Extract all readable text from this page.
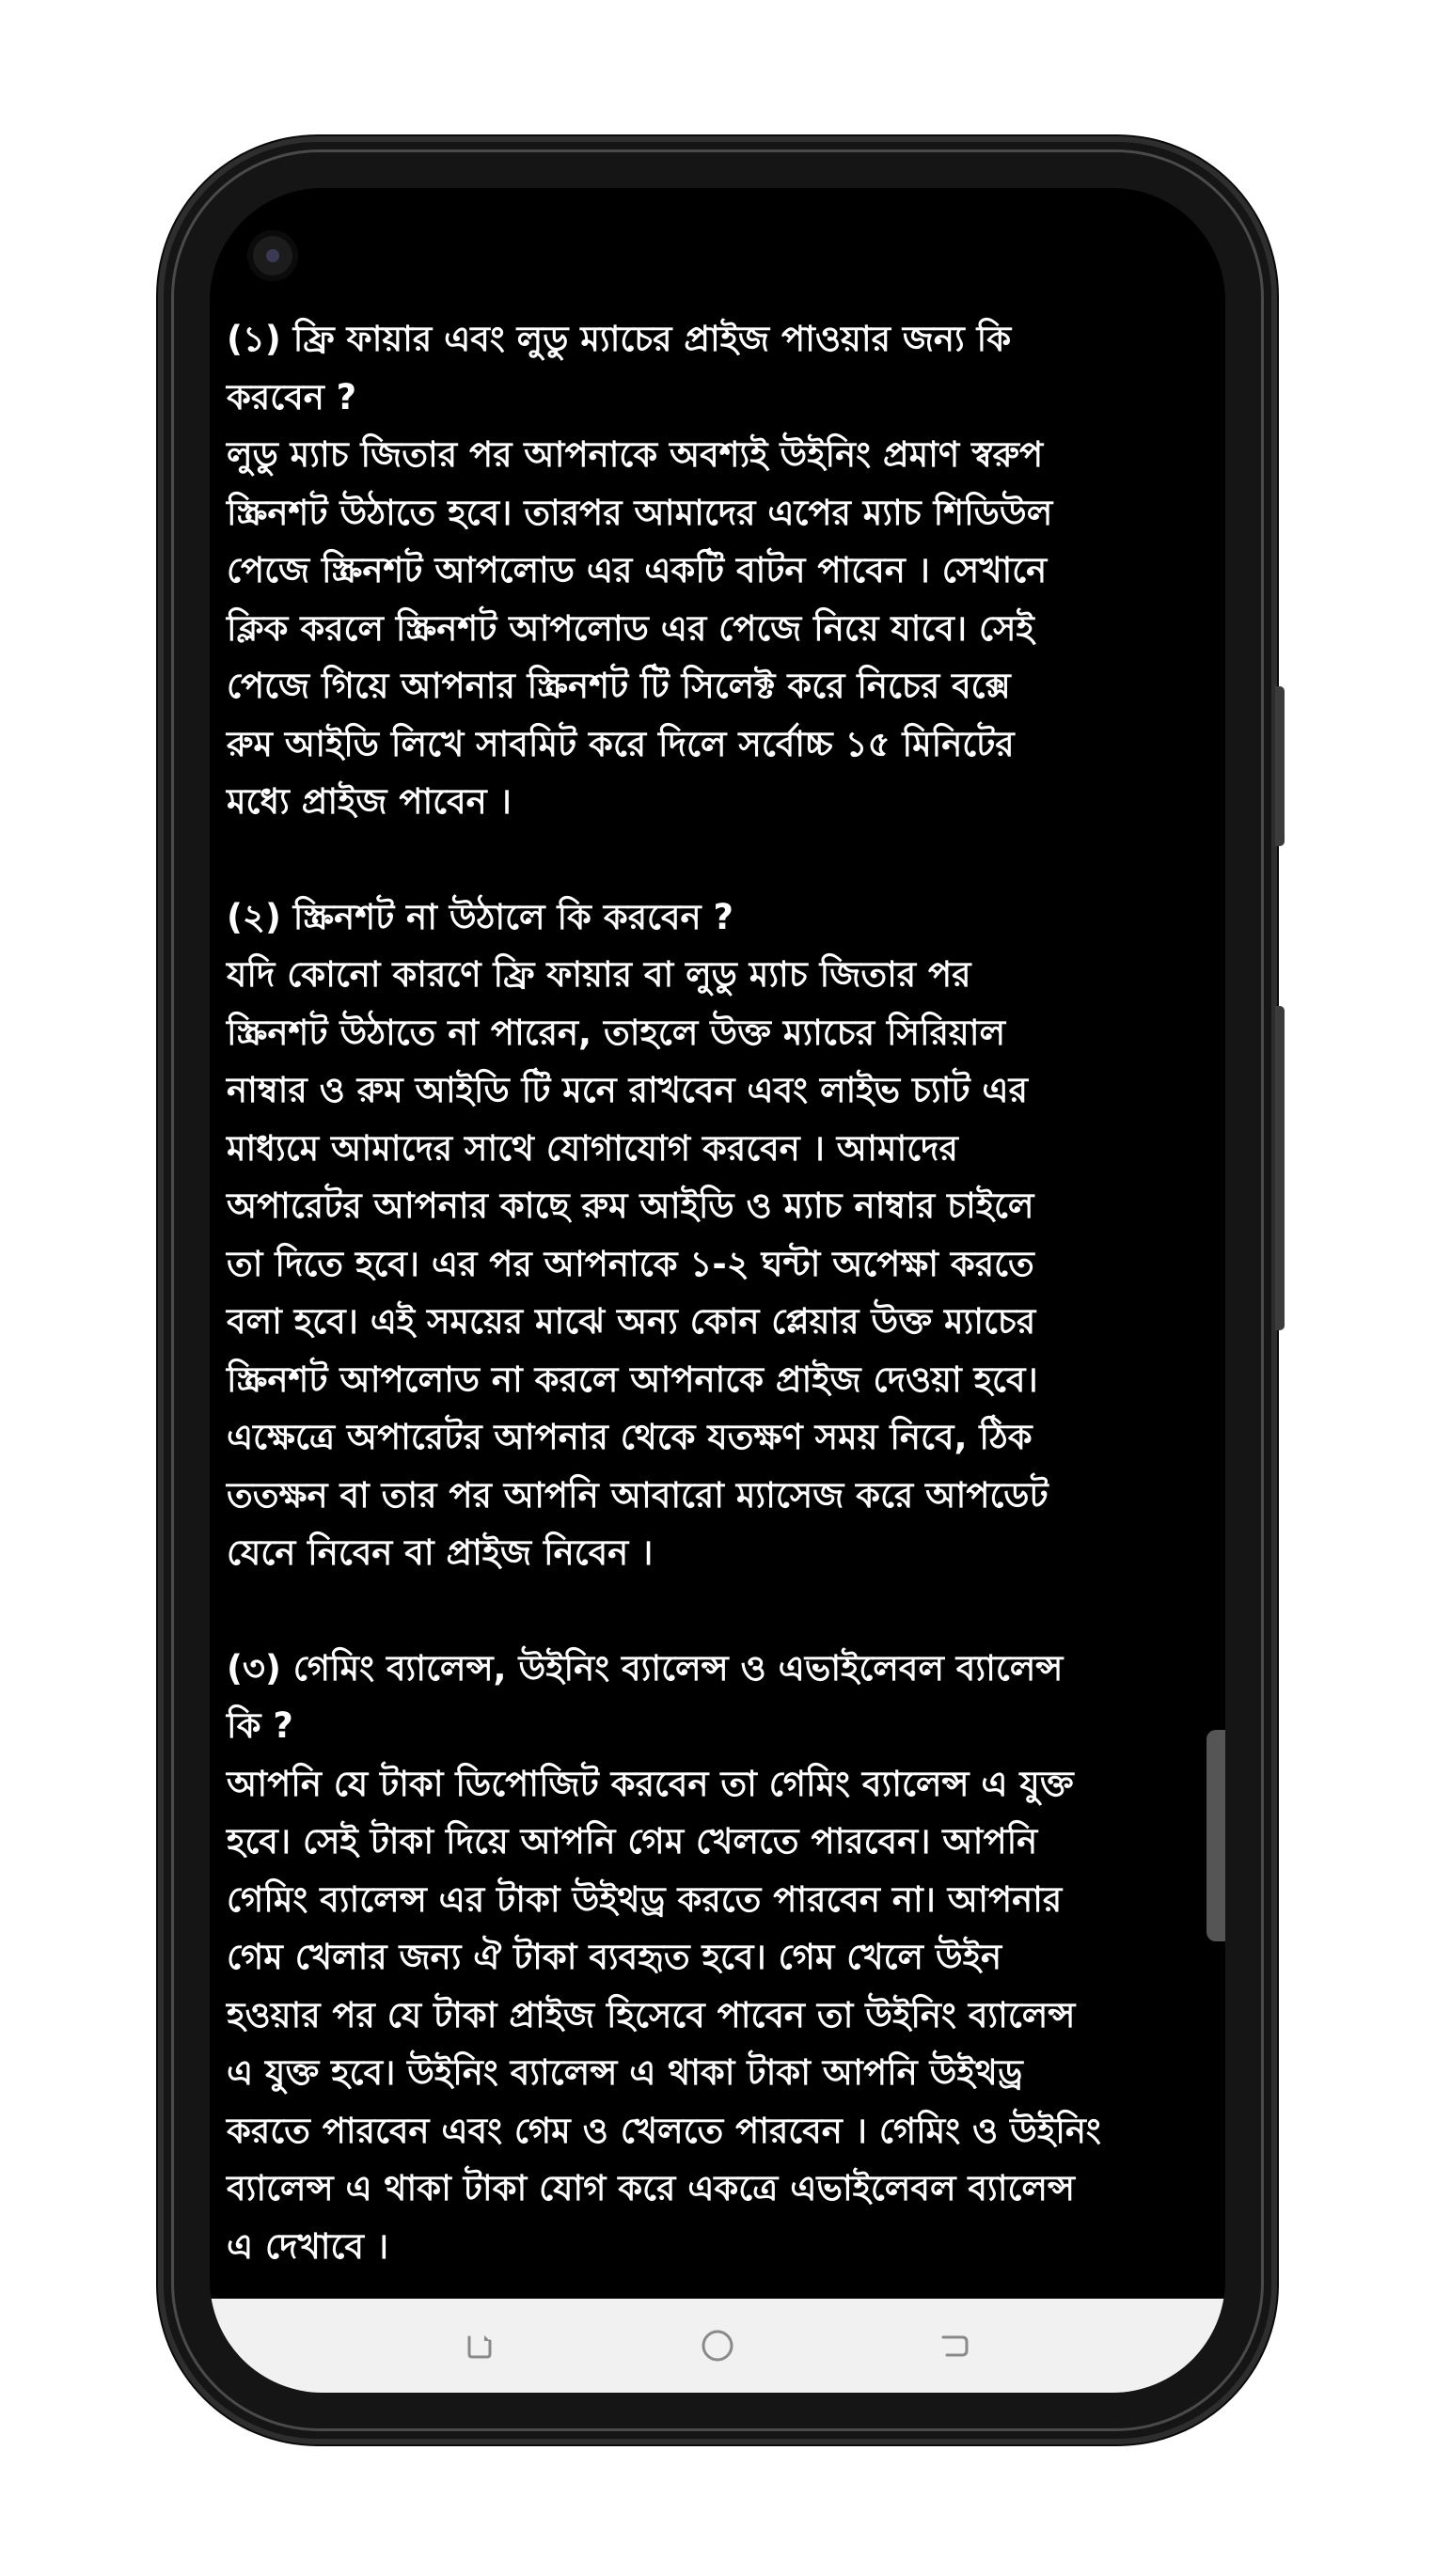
(১) ফ্রি ফায়ার এবং লুডু ম্যাচের প্রাইজ পাওয়ার জন্য কি
করবেন ?

লুডু ম্যাচ জিতার পর আপনাকে অবশ্যই উইনিং প্রমাণ স্বরুপ
স্ক্রিনশট উঠাতে হবে। তারপর আমাদের এপের ম্যাচ শিডিউল
পেজে স্ক্রিনশট আপলোড এর একটি বাটন পাবেন । সেখানে
ক্লিক করলে স্ক্রিনশট আপলোড এর পেজে নিয়ে যাবে। সেই
পেজে গিয়ে আপনার স্ক্রিনশট টি সিলেক্ট করে নিচের বক্সে
রুম আইডি লিখে সাবমিট করে দিলে সর্বোচ্চ ১৫ মিনিটের
মধ্যে প্রাইজ পাবেন ।

(২) স্ক্রিনশট না উঠালে কি করবেন ?

যদি কোনো কারণে ফ্রি ফায়ার বা লুডু ম্যাচ জিতার পর
স্ক্রিনশট উঠাতে না পারেন, তাহলে উক্ত ম্যাচের সিরিয়াল
নাম্বার ও রুম আইডি টি মনে রাখবেন এবং লাইভ চ্যাট এর
মাধ্যমে আমাদের সাথে যোগাযোগ করবেন । আমাদের
অপারেটর আপনার কাছে রুম আইডি ও ম্যাচ নাম্বার চাইলে
তা দিতে হবে। এর পর আপনাকে ১-২ ঘন্টা অপেক্ষা করতে
বলা হবে। এই সময়ের মাঝে অন্য কোন প্লেয়ার উক্ত ম্যাচের
স্ক্রিনশট আপলোড না করলে আপনাকে প্রাইজ দেওয়া হবে।
এক্ষেত্রে অপারেটর আপনার থেকে যতক্ষণ সময় নিবে, ঠিক
ততক্ষন বা তার পর আপনি আবারো ম্যাসেজ করে আপডেট
যেনে নিবেন বা প্রাইজ নিবেন ।

(৩) গেমিং ব্যালেন্স, উইনিং ব্যালেন্স ও এভাইলেবল ব্যালেন্স
কি ?

আপনি যে টাকা ডিপোজিট করবেন তা গেমিং ব্যালেন্স এ যুক্ত
হবে। সেই টাকা দিয়ে আপনি গেম খেলতে পারবেন। আপনি
গেমিং ব্যালেন্স এর টাকা উইথড্র করতে পারবেন না। আপনার
গেম খেলার জন্য ঐ টাকা ব্যবহৃত হবে। গেম খেলে উইন
হওয়ার পর যে টাকা প্রাইজ হিসেবে পাবেন তা উইনিং ব্যালেন্স
এ যুক্ত হবে। উইনিং ব্যালেন্স এ থাকা টাকা আপনি উইথড্র
করতে পারবেন এবং গেম ও খেলতে পারবেন । গেমিং ও উইনিং
ব্যালেন্স এ থাকা টাকা যোগ করে একত্রে এভাইলেবল ব্যালেন্স
এ দেখাবে ।
